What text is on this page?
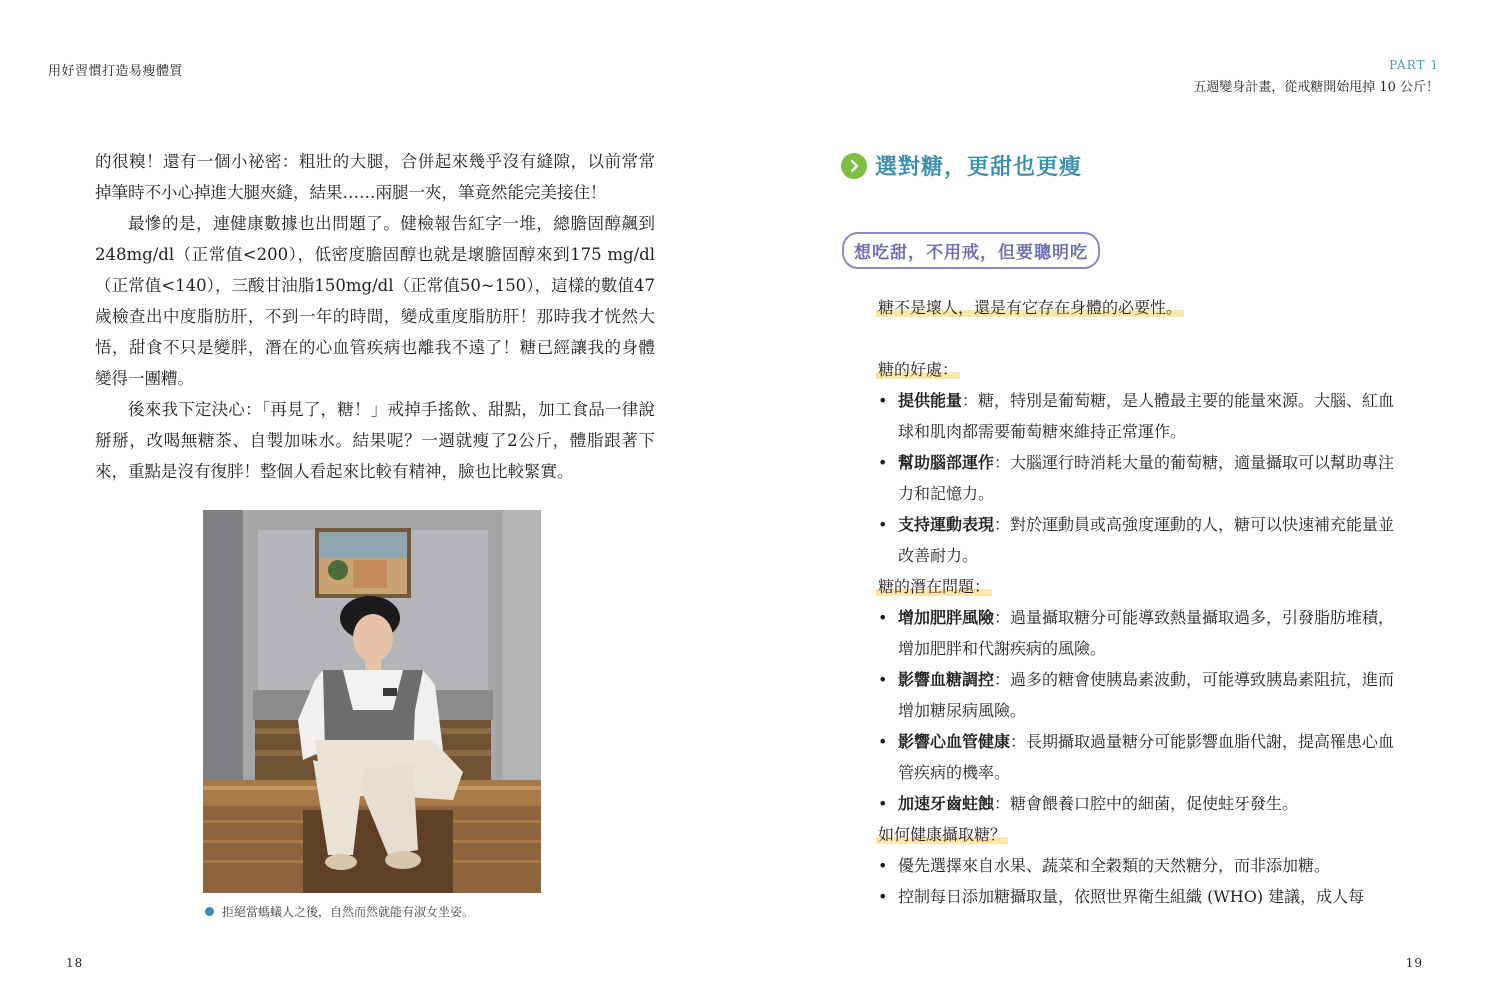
用好習慣打造易瘦體質	PART 1
五週變身計畫，從戒糖開始甩掉 10 公斤！

的很糗！還有一個小祕密：粗壯的大腿，合併起來幾乎沒有縫隙，以前常常掉筆時不小心掉進大腿夾縫，結果……兩腿一夾，筆竟然能完美接住！

最慘的是，連健康數據也出問題了。健檢報告紅字一堆，總膽固醇飆到 248mg/dl（正常值<200），低密度膽固醇也就是壞膽固醇來到175 mg/dl（正常值<140），三酸甘油脂150mg/dl（正常值50~150），這樣的數值47歲檢查出中度脂肪肝，不到一年的時間，變成重度脂肪肝！那時我才恍然大悟，甜食不只是變胖，潛在的心血管疾病也離我不遠了！糖已經讓我的身體變得一團糟。

後來我下定決心：「再見了，糖！」戒掉手搖飲、甜點，加工食品一律說掰掰，改喝無糖茶、自製加味水。結果呢？一週就瘦了2公斤，體脂跟著下來，重點是沒有復胖！整個人看起來比較有精神，臉也比較緊實。

拒絕當螞蟻人之後，自然而然就能有淑女坐姿。
18
選對糖，更甜也更瘦
想吃甜，不用戒，但要聰明吃

糖不是壞人，還是有它存在身體的必要性。

糖的好處：

• 提供能量：糖，特別是葡萄糖，是人體最主要的能量來源。大腦、紅血球和肌肉都需要葡萄糖來維持正常運作。
• 幫助腦部運作：大腦運行時消耗大量的葡萄糖，適量攝取可以幫助專注力和記憶力。
• 支持運動表現：對於運動員或高強度運動的人，糖可以快速補充能量並改善耐力。

糖的潛在問題：

• 增加肥胖風險：過量攝取糖分可能導致熱量攝取過多，引發脂肪堆積，增加肥胖和代謝疾病的風險。
• 影響血糖調控：過多的糖會使胰島素波動，可能導致胰島素阻抗，進而增加糖尿病風險。
• 影響心血管健康：長期攝取過量糖分可能影響血脂代謝，提高罹患心血管疾病的機率。
• 加速牙齒蛀蝕：糖會餵養口腔中的細菌，促使蛀牙發生。

如何健康攝取糖？

• 優先選擇來自水果、蔬菜和全穀類的天然糖分，而非添加糖。
• 控制每日添加糖攝取量，依照世界衛生組織 (WHO) 建議，成人每
19
